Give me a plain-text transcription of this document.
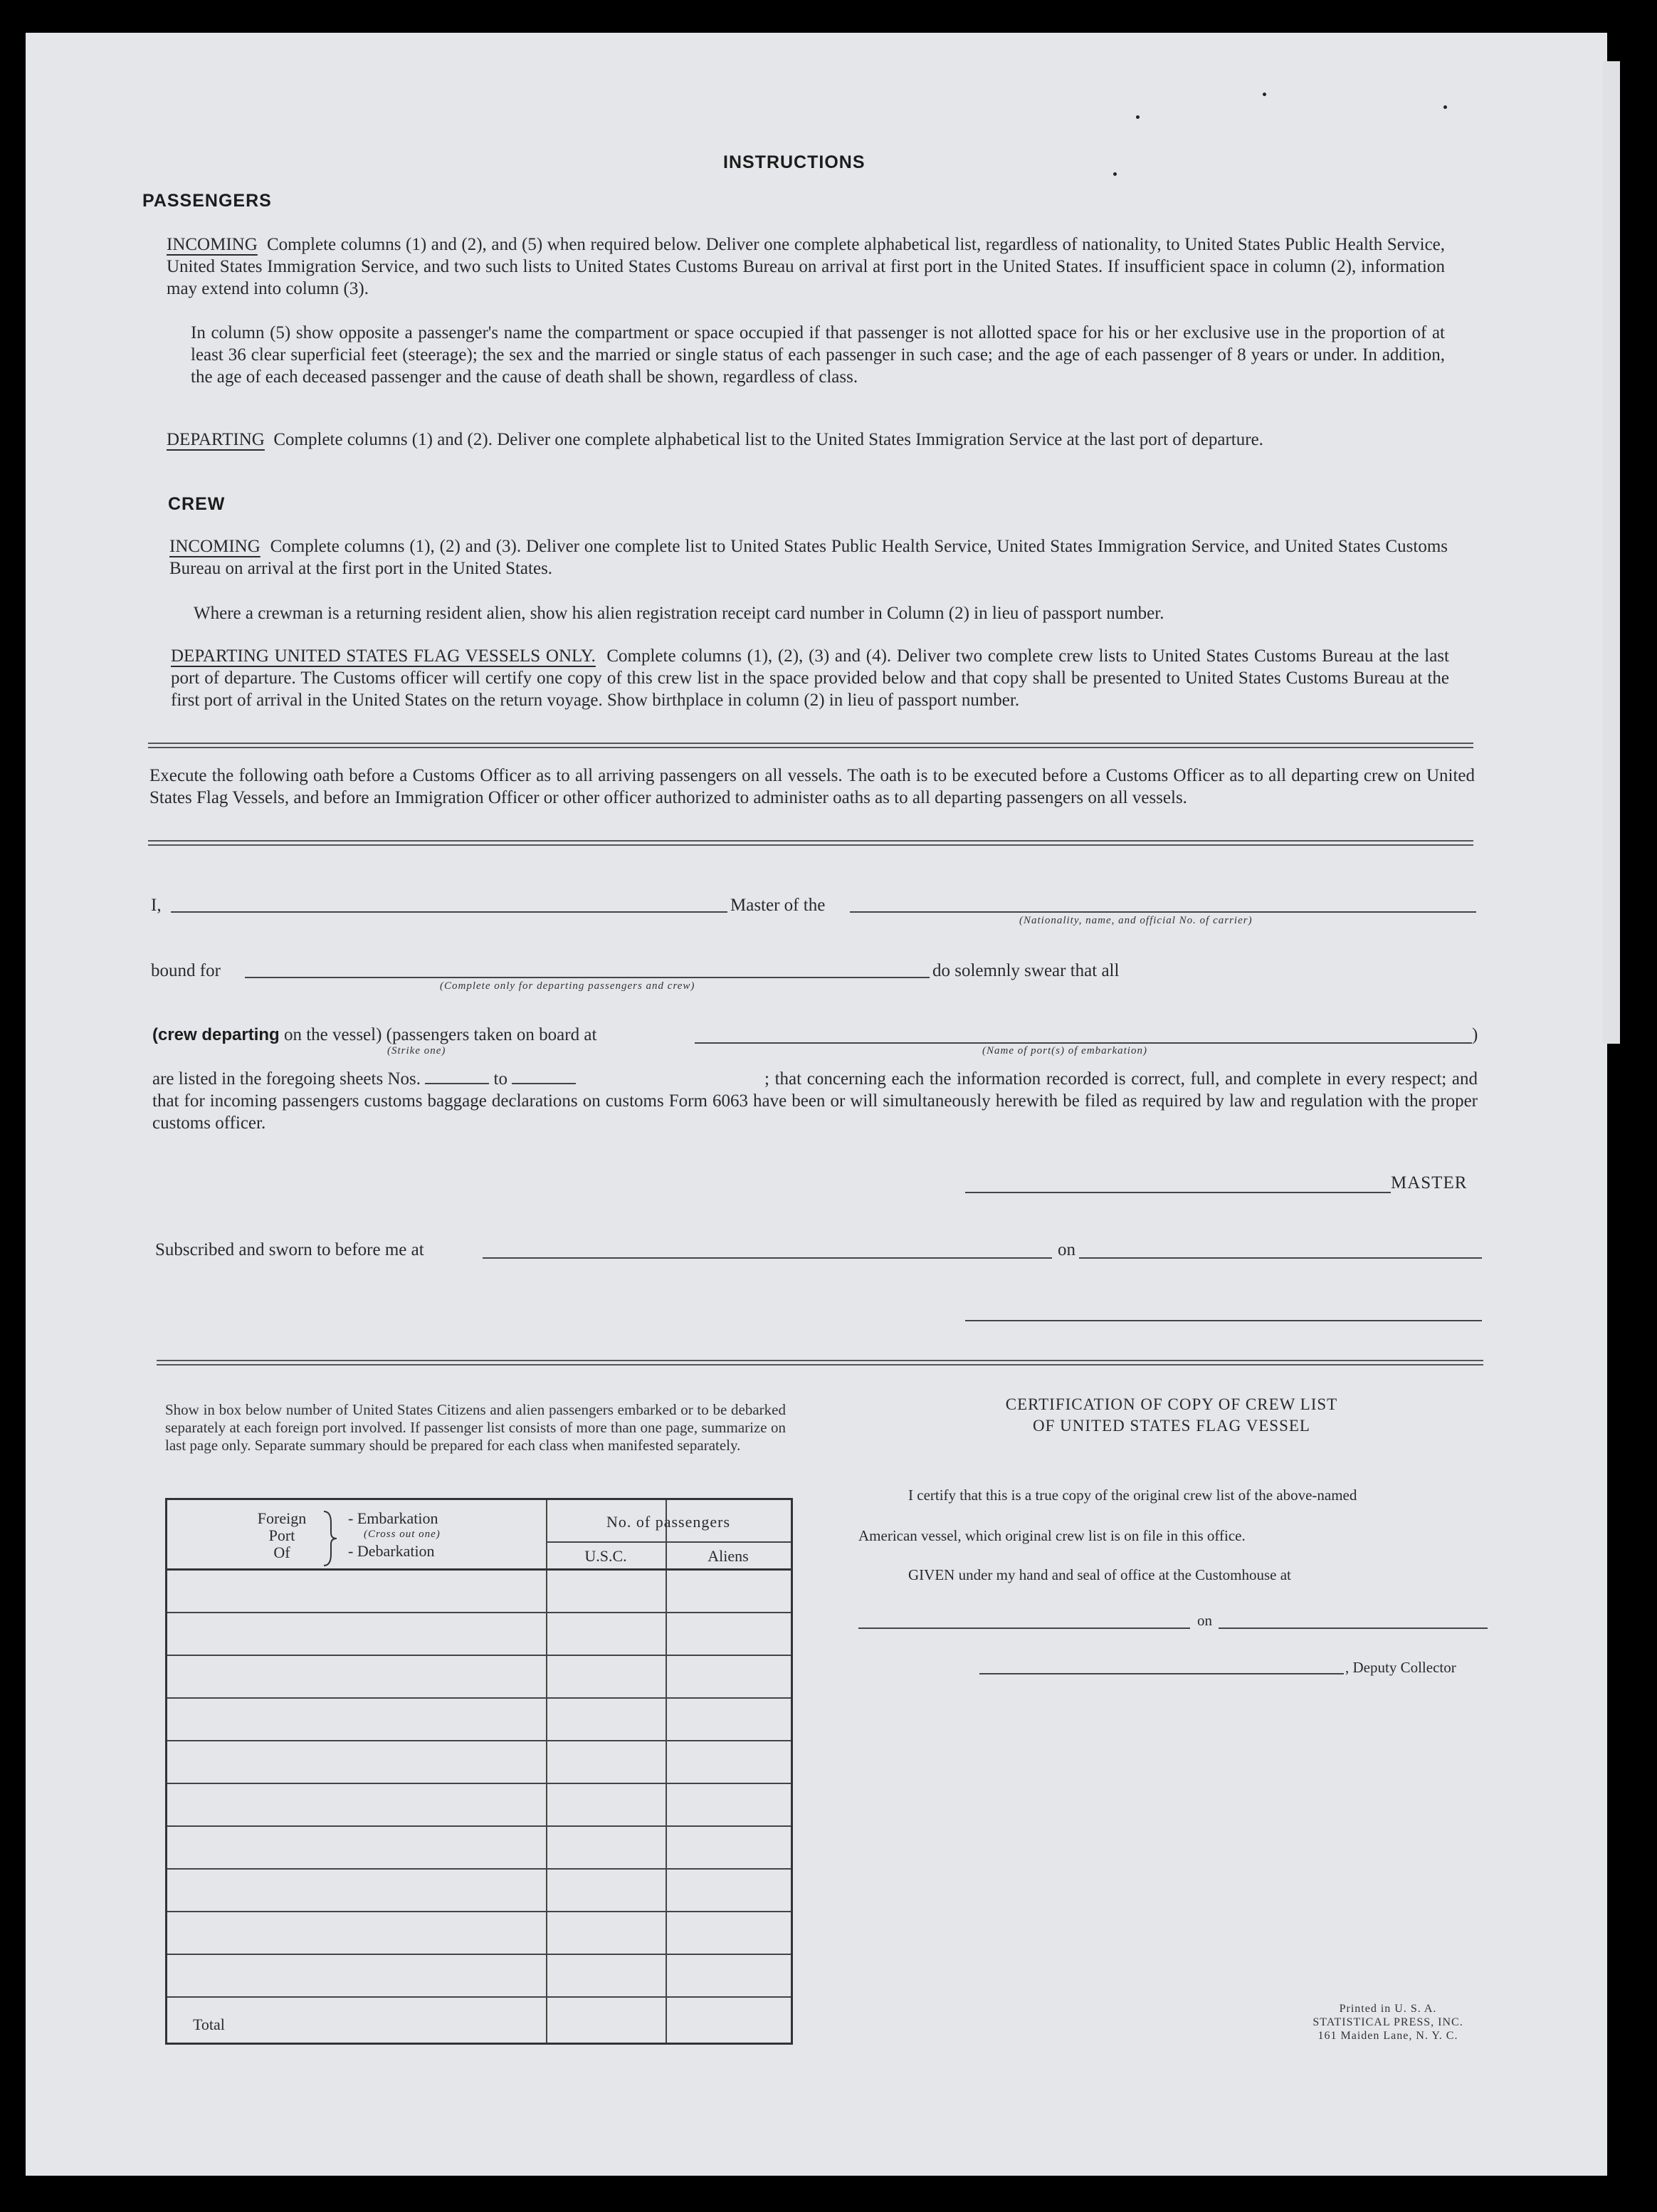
INSTRUCTIONS
PASSENGERS
INCOMING Complete columns (1) and (2), and (5) when required below. Deliver one complete alphabetical list, regardless of nationality, to United States Public Health Service, United States Immigration Service, and two such lists to United States Customs Bureau on arrival at first port in the United States. If insufficient space in column (2), information may extend into column (3).
In column (5) show opposite a passenger's name the compartment or space occupied if that passenger is not allotted space for his or her exclusive use in the proportion of at least 36 clear superficial feet (steerage); the sex and the married or single status of each passenger in such case; and the age of each passenger of 8 years or under. In addition, the age of each deceased passenger and the cause of death shall be shown, regardless of class.
DEPARTING Complete columns (1) and (2). Deliver one complete alphabetical list to the United States Immigration Service at the last port of departure.
CREW
INCOMING Complete columns (1), (2) and (3). Deliver one complete list to United States Public Health Service, United States Immigration Service, and United States Customs Bureau on arrival at the first port in the United States.
Where a crewman is a returning resident alien, show his alien registration receipt card number in Column (2) in lieu of passport number.
DEPARTING UNITED STATES FLAG VESSELS ONLY. Complete columns (1), (2), (3) and (4). Deliver two complete crew lists to United States Customs Bureau at the last port of departure. The Customs officer will certify one copy of this crew list in the space provided below and that copy shall be presented to United States Customs Bureau at the first port of arrival in the United States on the return voyage. Show birthplace in column (2) in lieu of passport number.
Execute the following oath before a Customs Officer as to all arriving passengers on all vessels. The oath is to be executed before a Customs Officer as to all departing crew on United States Flag Vessels, and before an Immigration Officer or other officer authorized to administer oaths as to all departing passengers on all vessels.
I,	Master of the
(Nationality, name, and official No. of carrier)
bound for
(Complete only for departing passengers and crew)
do solemnly swear that all
(crew departing on the vessel) (passengers taken on board at	)
(Strike one)	(Name of port(s) of embarkation)
are listed in the foregoing sheets Nos.	to	; that concerning each the information recorded is correct, full, and complete in every respect; and that for incoming passengers customs baggage declarations on customs Form 6063 have been or will simultaneously herewith be filed as required by law and regulation with the proper customs officer.
MASTER
Subscribed and sworn to before me at	on
Show in box below number of United States Citizens and alien passengers embarked or to be debarked separately at each foreign port involved. If passenger list consists of more than one page, summarize on last page only. Separate summary should be prepared for each class when manifested separately.
Foreign
Port
Of
- Embarkation
(Cross out one)
- Debarkation
No. of passengers
U.S.C.	Aliens
Total
CERTIFICATION OF COPY OF CREW LIST
OF UNITED STATES FLAG VESSEL
I certify that this is a true copy of the original crew list of the above-named
American vessel, which original crew list is on file in this office.
GIVEN under my hand and seal of office at the Customhouse at
on
, Deputy Collector
Printed in U. S. A.
STATISTICAL PRESS, INC.
161 Maiden Lane, N. Y. C.
